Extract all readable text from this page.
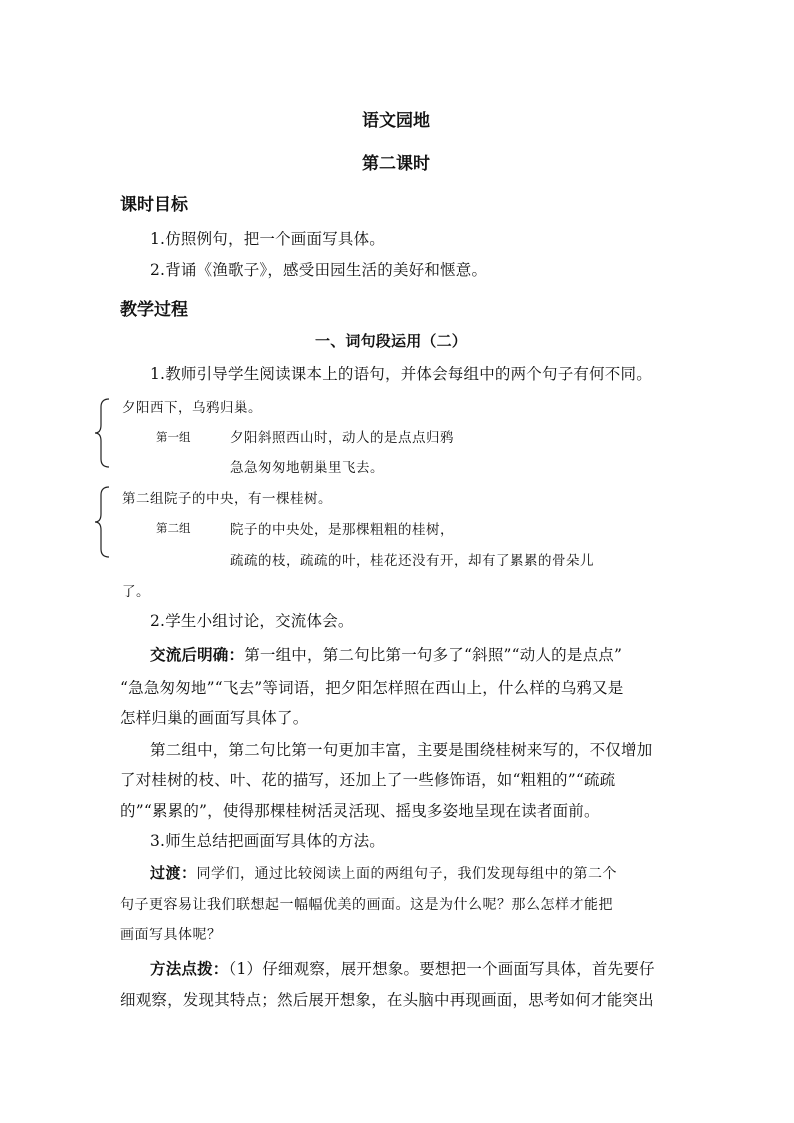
语文园地
第二课时
课时目标
1.仿照例句，把一个画面写具体。
2.背诵《渔歌子》，感受田园生活的美好和惬意。
教学过程
一、词句段运用（二）
1.教师引导学生阅读课本上的语句，并体会每组中的两个句子有何不同。
夕阳西下，乌鸦归巢。
第一组	夕阳斜照西山时，动人的是点点归鸦
急急匆匆地朝巢里飞去。
第二组院子的中央，有一棵桂树。
第二组	院子的中央处，是那棵粗粗的桂树，
疏疏的枝，疏疏的叶，桂花还没有开，却有了累累的骨朵儿
了。
2.学生小组讨论，交流体会。
交流后明确：第一组中，第二句比第一句多了“斜照”“动人的是点点”
“急急匆匆地”“飞去”等词语，把夕阳怎样照在西山上，什么样的乌鸦又是
怎样归巢的画面写具体了。
第二组中，第二句比第一句更加丰富，主要是围绕桂树来写的，不仅增加
了对桂树的枝、叶、花的描写，还加上了一些修饰语，如“粗粗的”“疏疏
的”“累累的”，使得那棵桂树活灵活现、摇曳多姿地呈现在读者面前。
3.师生总结把画面写具体的方法。
过渡：同学们，通过比较阅读上面的两组句子，我们发现每组中的第二个
句子更容易让我们联想起一幅幅优美的画面。这是为什么呢？那么怎样才能把
画面写具体呢？
方法点拨：（1）仔细观察，展开想象。要想把一个画面写具体，首先要仔
细观察，发现其特点；然后展开想象，在头脑中再现画面，思考如何才能突出
